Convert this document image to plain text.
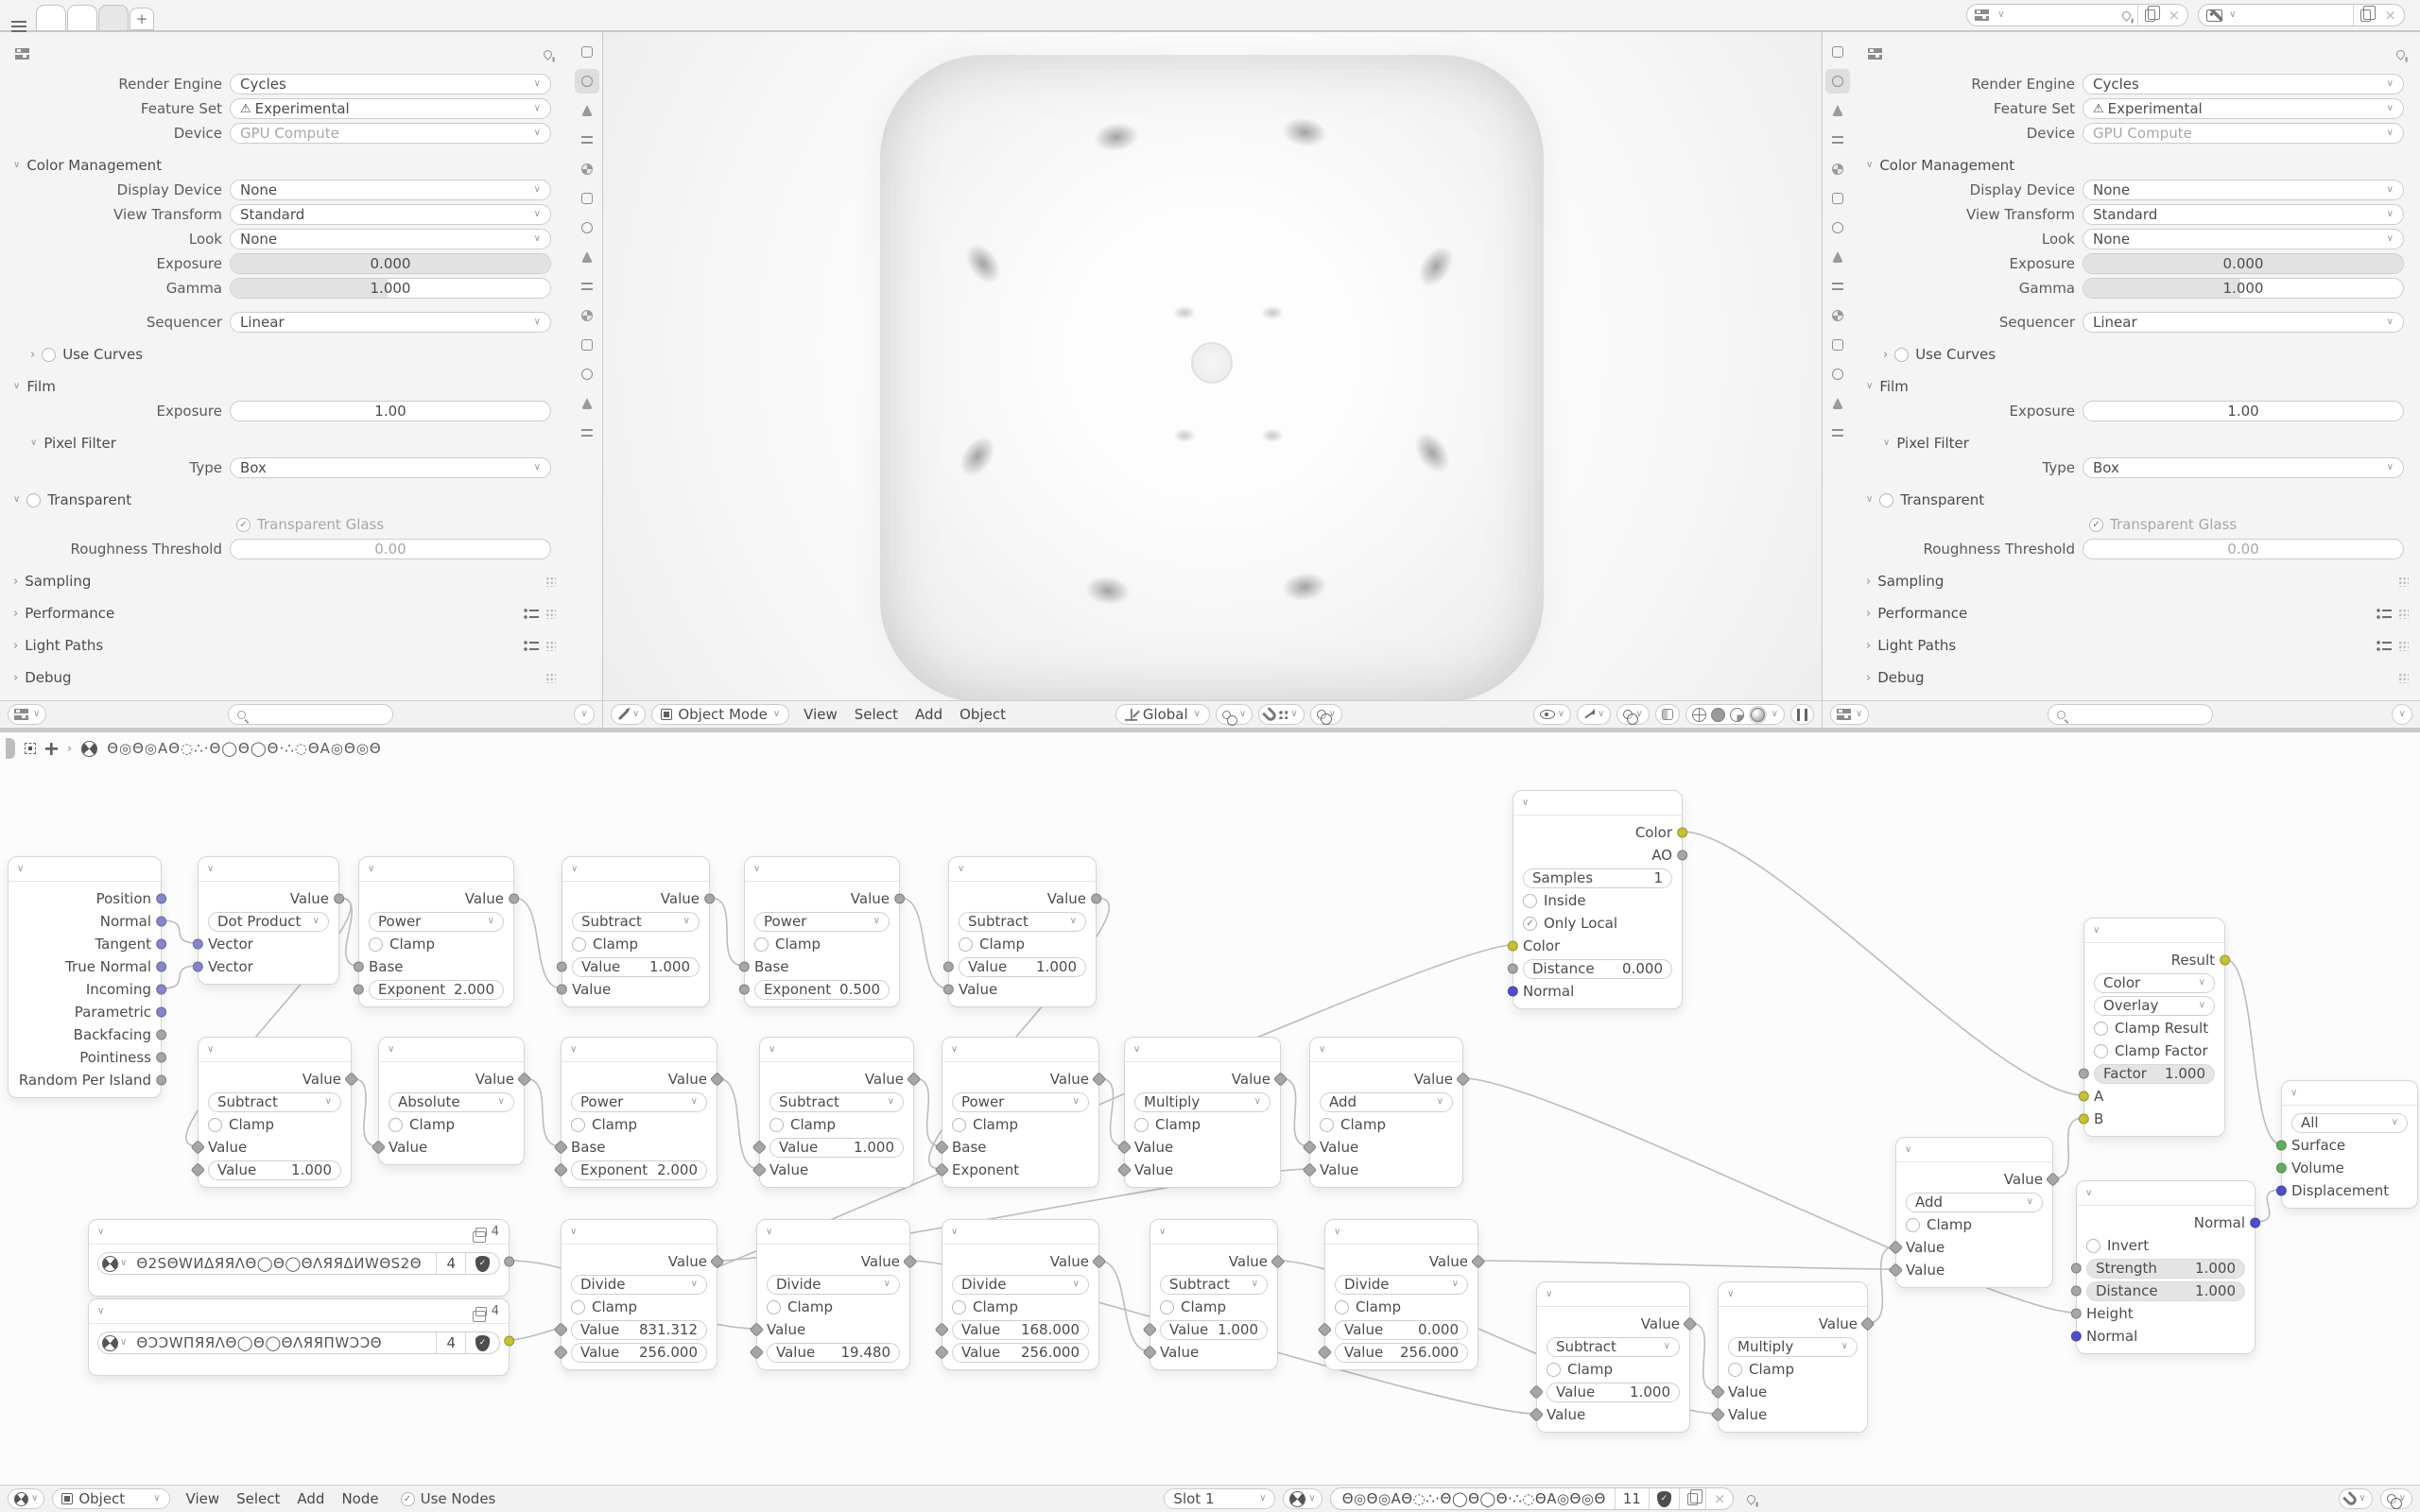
+	∨	×	∨	×
Render Engine	Cycles	∨
Feature Set	⚠ Experimental	∨
Device	GPU Compute	∨
∨ Color Management
Display Device	None	∨
View Transform	Standard	∨
Look	None	∨
Exposure	0.000
Gamma	1.000
Sequencer	Linear	∨
› Use Curves
∨ Film
Exposure	1.00
∨ Pixel Filter
Type	Box	∨
∨ Transparent
✓ Transparent Glass
Roughness Threshold	0.00
› Sampling
› Performance
› Light Paths
› Debug
∨	∨	∨	Object Mode ∨	View	Select	Add	Object	Global ∨	∨	∨	∨	∨	∨	∨	∨
Render Engine	Cycles	∨
Feature Set	⚠ Experimental	∨
Device	GPU Compute	∨
∨ Color Management
Display Device	None	∨
View Transform	Standard	∨
Look	None	∨
Exposure	0.000
Gamma	1.000
Sequencer	Linear	∨
› Use Curves
∨ Film
Exposure	1.00
∨ Pixel Filter
Type	Box	∨
∨ Transparent
✓ Transparent Glass
Roughness Threshold	0.00
› Sampling
› Performance
› Light Paths
› Debug
∨	∨
› Θ◎Θ◎ΑΘ◌∴·Θ◯Θ◯Θ·∴◌ΘΑ◎Θ◎Θ
∨
Position
Normal
Tangent
True Normal
Incoming
Parametric
Backfacing
Pointiness
Random Per Island
∨
Value
Dot Product ∨
Vector
Vector
∨
Value
Power	∨
Clamp
Base
Exponent 2.000
∨
Value
Subtract	∨
Clamp
Value 1.000
Value
∨
Value
Power	∨
Clamp
Base
Exponent 0.500
∨
Value
Subtract	∨
Clamp
Value 1.000
Value
∨
Value
Subtract	∨
Clamp
Value
Value 1.000
∨
Value
Absolute	∨
Clamp
Value
∨
Value
Power	∨
Clamp
Base
Exponent 2.000
∨
Value
Subtract	∨
Clamp
Value	1.000
Value
∨
Value
Power	∨
Clamp
Base
Exponent
∨
Value
Multiply	∨
Clamp
Value
Value
∨
Value
Add	∨
Clamp
Value
Value
∨	4
∨ Θ2ЅΘWИΔЯЯΛΘ◯Θ◯ΘΛЯЯΔИWΘЅ2Θ	4	✓
∨	4
∨ ΘƆƆWΠЯЯΛΘ◯Θ◯ΘΛЯЯΠWƆƆΘ	4	✓
∨
Value
Divide	∨
Clamp
Value 831.312
Value 256.000
∨
Value
Divide	∨
Clamp
Value
Value 19.480
∨
Value
Divide	∨
Clamp
Value 168.000
Value 256.000
∨
Value
Subtract ∨
Clamp
Value 1.000
Value
∨
Value
Divide	∨
Clamp
Value 0.000
Value 256.000
∨
Color
AO
Samples	1
Inside
✓ Only Local
Color
Distance 0.000
Normal
∨
Value
Subtract	∨
Clamp
Value 1.000
Value
∨
Value
Multiply	∨
Clamp
Value
Value
∨
Value
Add	∨
Clamp
Value
Value
∨
Result
Color	∨
Overlay	∨
Clamp Result
Clamp Factor
Factor 1.000
A
B
∨
Normal
Invert
Strength	1.000
Distance	1.000
Height
Normal
∨
All	∨
Surface
Volume
Displacement
∨	Object	∨	View	Select	Add	Node	✓ Use Nodes	Slot 1	∨	∨	Θ◎Θ◎ΑΘ◌∴·Θ◯Θ◯Θ·∴◌ΘΑ◎Θ◎Θ	11	✓	×	∨	∨
